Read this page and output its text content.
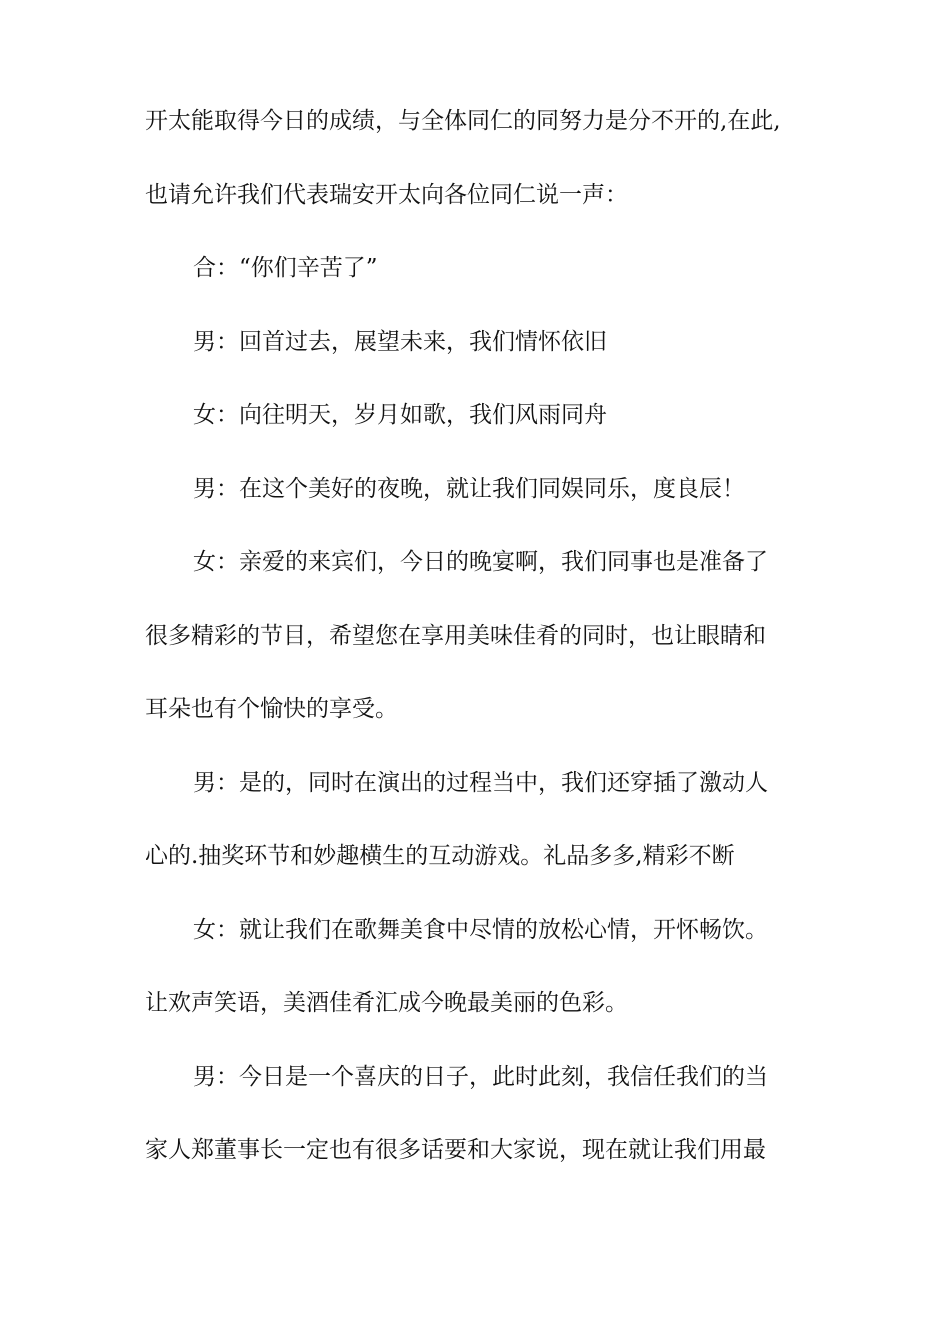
开太能取得今日的成绩，与全体同仁的同努力是分不开的,在此,
也请允许我们代表瑞安开太向各位同仁说一声：
合：“你们辛苦了”
男：回首过去，展望未来，我们情怀依旧
女：向往明天，岁月如歌，我们风雨同舟
男：在这个美好的夜晚，就让我们同娱同乐，度良辰！
女：亲爱的来宾们，今日的晚宴啊，我们同事也是准备了
很多精彩的节目，希望您在享用美味佳肴的同时，也让眼睛和
耳朵也有个愉快的享受。
男：是的，同时在演出的过程当中，我们还穿插了激动人
心的.抽奖环节和妙趣横生的互动游戏。礼品多多,精彩不断
女：就让我们在歌舞美食中尽情的放松心情，开怀畅饮。
让欢声笑语，美酒佳肴汇成今晚最美丽的色彩。
男：今日是一个喜庆的日子，此时此刻，我信任我们的当
家人郑董事长一定也有很多话要和大家说，现在就让我们用最
